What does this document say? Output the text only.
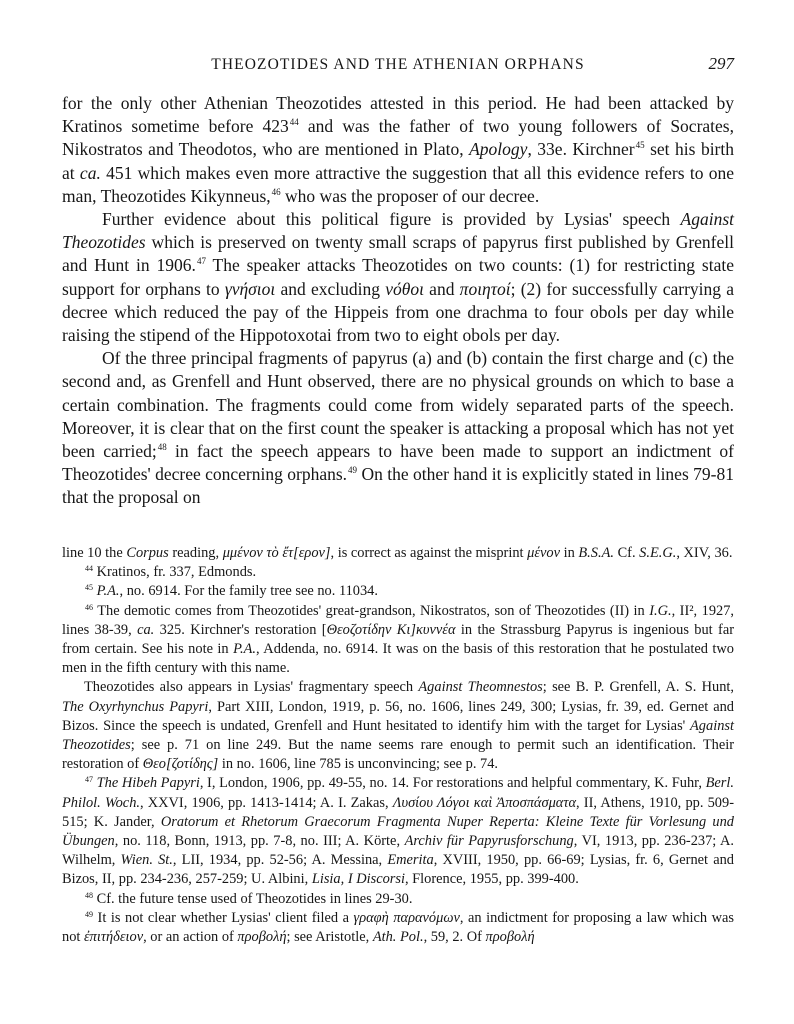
THEOZOTIDES AND THE ATHENIAN ORPHANS	297

for the only other Athenian Theozotides attested in this period. He had been attacked by Kratinos sometime before 423$^{44}$ and was the father of two young followers of Socrates, Nikostratos and Theodotos, who are mentioned in Plato, Apology, 33e. Kirchner$^{45}$ set his birth at ca. 451 which makes even more attractive the suggestion that all this evidence refers to one man, Theozotides Kikynneus,$^{46}$ who was the proposer of our decree.

Further evidence about this political figure is provided by Lysias' speech Against Theozotides which is preserved on twenty small scraps of papyrus first published by Grenfell and Hunt in 1906.47 The speaker attacks Theozotides on two counts: (1) for restricting state support for orphans to γνήσιοι and excluding νόθοι and ποιητοί; (2) for successfully carrying a decree which reduced the pay of the Hippeis from one drachma to four obols per day while raising the stipend of the Hippotoxotai from two to eight obols per day.

Of the three principal fragments of papyrus (a) and (b) contain the first charge and (c) the second and, as Grenfell and Hunt observed, there are no physical grounds on which to base a certain combination. The fragments could come from widely separated parts of the speech. Moreover, it is clear that on the first count the speaker is attacking a proposal which has not yet been carried;$^{48}$ in fact the speech appears to have been made to support an indictment of Theozotides' decree concerning orphans.$^{49}$ On the other hand it is explicitly stated in lines 79-81 that the proposal on

line 10 the Corpus reading, μμένον τὸ ἔτ[ερον], is correct as against the misprint μένον in B.S.A. Cf. S.E.G., XIV, 36.

$^{44}$ Kratinos, fr. 337, Edmonds.

$^{45}$ P.A., no. 6914. For the family tree see no. 11034.

$^{46}$ The demotic comes from Theozotides' great-grandson, Nikostratos, son of Theozotides (II) in I.G., II², 1927, lines 38-39, ca. 325. Kirchner's restoration [Θεοζοτίδην Κι]κυννέα in the Strassburg Papyrus is ingenious but far from certain. See his note in P.A., Addenda, no. 6914. It was on the basis of this restoration that he postulated two men in the fifth century with this name.

Theozotides also appears in Lysias' fragmentary speech Against Theomnestos; see B. P. Grenfell, A. S. Hunt, The Oxyrhynchus Papyri, Part XIII, London, 1919, p. 56, no. 1606, lines 249, 300; Lysias, fr. 39, ed. Gernet and Bizos. Since the speech is undated, Grenfell and Hunt hesitated to identify him with the target for Lysias' Against Theozotides; see p. 71 on line 249. But the name seems rare enough to permit such an identification. Their restoration of Θεο[ζοτίδης] in no. 1606, line 785 is unconvincing; see p. 74.

$^{47}$ The Hibeh Papyri, I, London, 1906, pp. 49-55, no. 14. For restorations and helpful commentary, K. Fuhr, Berl. Philol. Woch., XXVI, 1906, pp. 1413-1414; A. I. Zakas, Λυσίου Λόγοι καὶ Ἀποσπάσματα, II, Athens, 1910, pp. 509-515; K. Jander, Oratorum et Rhetorum Graecorum Fragmenta Nuper Reperta: Kleine Texte für Vorlesung und Übungen, no. 118, Bonn, 1913, pp. 7-8, no. III; A. Körte, Archiv für Papyrusforschung, VI, 1913, pp. 236-237; A. Wilhelm, Wien. St., LII, 1934, pp. 52-56; A. Messina, Emerita, XVIII, 1950, pp. 66-69; Lysias, fr. 6, Gernet and Bizos, II, pp. 234-236, 257-259; U. Albini, Lisia, I Discorsi, Florence, 1955, pp. 399-400.

$^{48}$ Cf. the future tense used of Theozotides in lines 29-30.

$^{49}$ It is not clear whether Lysias' client filed a γραφὴ παρανόμων, an indictment for proposing a law which was not ἐπιτήδειον, or an action of προβολή; see Aristotle, Ath. Pol., 59, 2. Of προβολή
